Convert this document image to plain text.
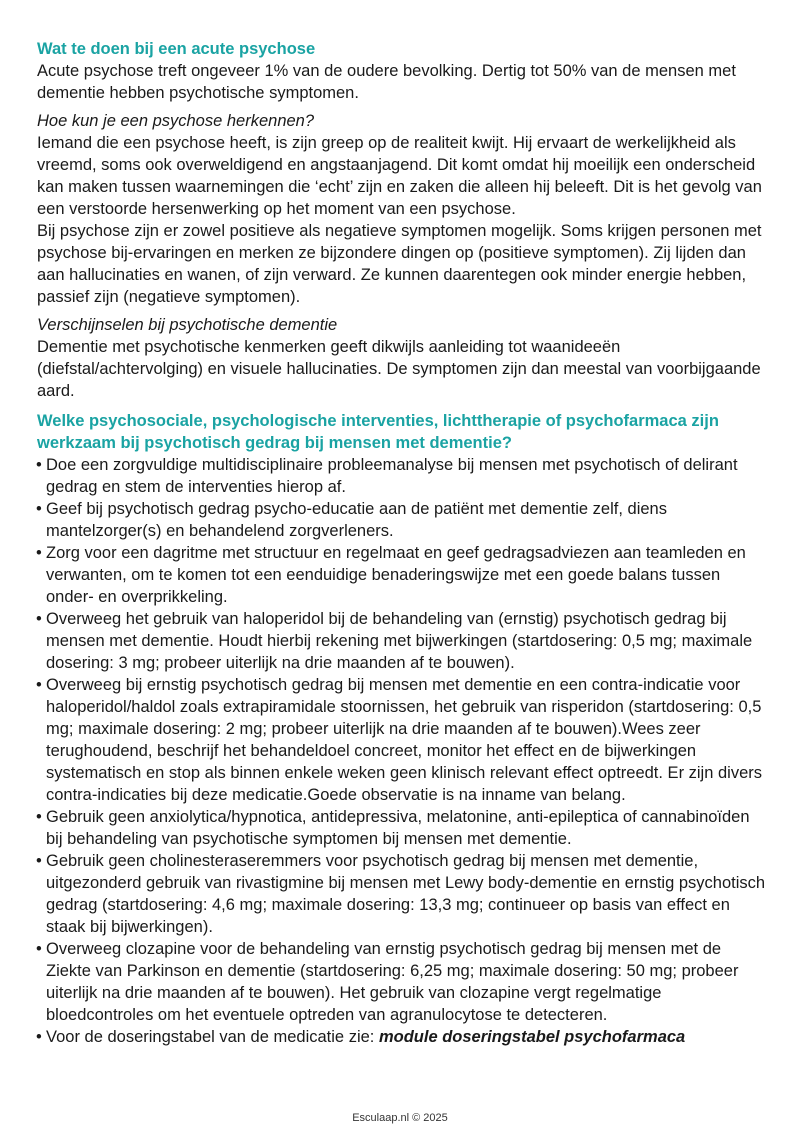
Wat te doen bij een acute psychose

Acute psychose treft ongeveer 1% van de oudere bevolking. Dertig tot 50% van de mensen met dementie hebben psychotische symptomen.

Hoe kun je een psychose herkennen?

Iemand die een psychose heeft, is zijn greep op de realiteit kwijt. Hij ervaart de werkelijkheid als vreemd, soms ook overweldigend en angstaanjagend. Dit komt omdat hij moeilijk een onderscheid kan maken tussen waarnemingen die ‘echt’ zijn en zaken die alleen hij beleeft. Dit is het gevolg van een verstoorde hersenwerking op het moment van een psychose.

Bij psychose zijn er zowel positieve als negatieve symptomen mogelijk. Soms krijgen personen met psychose bij-ervaringen en merken ze bijzondere dingen op (positieve symptomen). Zij lijden dan aan hallucinaties en wanen, of zijn verward. Ze kunnen daarentegen ook minder energie hebben, passief zijn (negatieve symptomen).

Verschijnselen bij psychotische dementie

Dementie met psychotische kenmerken geeft dikwijls aanleiding tot waanideeën (diefstal/achtervolging) en visuele hallucinaties. De symptomen zijn dan meestal van voorbijgaande aard.

Welke psychosociale, psychologische interventies, lichttherapie of psychofarmaca zijn werkzaam bij psychotisch gedrag bij mensen met dementie?
• Doe een zorgvuldige multidisciplinaire probleemanalyse bij mensen met psychotisch of delirant gedrag en stem de interventies hierop af.
• Geef bij psychotisch gedrag psycho-educatie aan de patiënt met dementie zelf, diens mantelzorger(s) en behandelend zorgverleners.
• Zorg voor een dagritme met structuur en regelmaat en geef gedragsadviezen aan teamleden en verwanten, om te komen tot een eenduidige benaderingswijze met een goede balans tussen onder- en overprikkeling.
• Overweeg het gebruik van haloperidol bij de behandeling van (ernstig) psychotisch gedrag bij mensen met dementie. Houdt hierbij rekening met bijwerkingen (startdosering: 0,5 mg; maximale dosering: 3 mg; probeer uiterlijk na drie maanden af te bouwen).
• Overweeg bij ernstig psychotisch gedrag bij mensen met dementie en een contra-indicatie voor haloperidol/haldol zoals extrapiramidale stoornissen, het gebruik van risperidon (startdosering: 0,5 mg; maximale dosering: 2 mg; probeer uiterlijk na drie maanden af te bouwen).Wees zeer terughoudend, beschrijf het behandeldoel concreet, monitor het effect en de bijwerkingen systematisch en stop als binnen enkele weken geen klinisch relevant effect optreedt. Er zijn divers contra-indicaties bij deze medicatie.Goede observatie is na inname van belang.
• Gebruik geen anxiolytica/hypnotica, antidepressiva, melatonine, anti-epileptica of cannabinoïden bij behandeling van psychotische symptomen bij mensen met dementie.
• Gebruik geen cholinesteraseremmers voor psychotisch gedrag bij mensen met dementie, uitgezonderd gebruik van rivastigmine bij mensen met Lewy body-dementie en ernstig psychotisch gedrag (startdosering: 4,6 mg; maximale dosering: 13,3 mg; continueer op basis van effect en staak bij bijwerkingen).
• Overweeg clozapine voor de behandeling van ernstig psychotisch gedrag bij mensen met de Ziekte van Parkinson en dementie (startdosering: 6,25 mg; maximale dosering: 50 mg; probeer uiterlijk na drie maanden af te bouwen). Het gebruik van clozapine vergt regelmatige bloedcontroles om het eventuele optreden van agranulocytose te detecteren.
• Voor de doseringstabel van de medicatie zie: module doseringstabel psychofarmaca
Esculaap.nl © 2025
